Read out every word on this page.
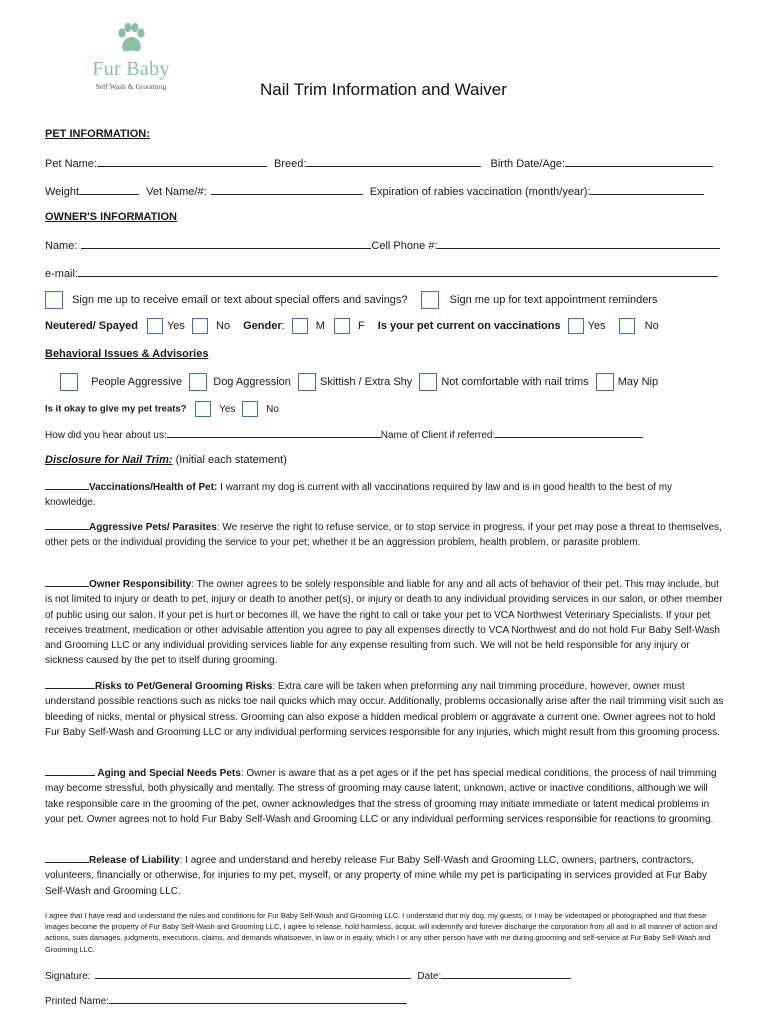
Fur Baby
Self Wash & Grooming	Nail Trim Information and Waiver
PET INFORMATION:
Pet Name:	Breed:	Birth Date/Age:
Weight	Vet Name/#:	Expiration of rabies vaccination (month/year):
OWNER'S INFORMATION
Name:	Cell Phone #:
e-mail:
Sign me up to receive email or text about special offers and savings?	Sign me up for text appointment reminders
Neutered/ Spayed	Yes	No Gender:	M	F Is your pet current on vaccinations Yes	No
Behavioral Issues & Advisories
People Aggressive	Dog Aggression	Skittish / Extra Shy	Not comfortable with nail trims	May Nip
Is it okay to give my pet treats?	Yes	No
How did you hear about us:	Name of Client if referred:
Disclosure for Nail Trim: (Initial each statement)
Vaccinations/Health of Pet: I warrant my dog is current with all vaccinations required by law and is in good health to the best of my knowledge.
Aggressive Pets/ Parasites: We reserve the right to refuse service, or to stop service in progress, if your pet may pose a threat to themselves, other pets or the individual providing the service to your pet; whether it be an aggression problem, health problem, or parasite problem.
Owner Responsibility: The owner agrees to be solely responsible and liable for any and all acts of behavior of their pet. This may include, but is not limited to injury or death to pet, injury or death to another pet(s), or injury or death to any individual providing services in our salon, or other member of public using our salon. If your pet is hurt or becomes ill, we have the right to call or take your pet to VCA Northwest Veterinary Specialists. If your pet receives treatment, medication or other advisable attention you agree to pay all expenses directly to VCA Northwest and do not hold Fur Baby Self-Wash and Grooming LLC or any individual providing services liable for any expense resulting from such. We will not be held responsible for any injury or sickness caused by the pet to itself during grooming.
Risks to Pet/General Grooming Risks: Extra care will be taken when preforming any nail trimming procedure, however, owner must understand possible reactions such as nicks toe nail quicks which may occur. Additionally, problems occasionally arise after the nail trimming visit such as bleeding of nicks, mental or physical stress. Grooming can also expose a hidden medical problem or aggravate a current one. Owner agrees not to hold Fur Baby Self-Wash and Grooming LLC or any individual performing services responsible for any injuries, which might result from this grooming process.
Aging and Special Needs Pets: Owner is aware that as a pet ages or if the pet has special medical conditions, the process of nail trimming may become stressful, both physically and mentally. The stress of grooming may cause latent, unknown, active or inactive conditions, although we will take responsible care in the grooming of the pet, owner acknowledges that the stress of grooming may initiate immediate or latent medical problems in your pet. Owner agrees not to hold Fur Baby Self-Wash and Grooming LLC or any individual performing services responsible for reactions to grooming.
Release of Liability: I agree and understand and hereby release Fur Baby Self-Wash and Grooming LLC, owners, partners, contractors, volunteers, financially or otherwise, for injuries to my pet, myself, or any property of mine while my pet is participating in services provided at Fur Baby Self-Wash and Grooming LLC.
I agree that I have read and understand the rules and conditions for Fur Baby Self-Wash and Grooming LLC. I understand that my dog, my guests, or I may be videotaped or photographed and that these images become the property of Fur Baby Self-Wash and Grooming LLC, I agree to release, hold harmless, acquit, will indemnify and forever discharge the corporation from all and in all manner of action and actions, suits damages, judgments, executions, claims, and demands whatsoever, in law or in equity, which I or any other person have with me during grooming and self-service at Fur Baby Self-Wash and Grooming LLC.
Signature:	Date:
Printed Name:
